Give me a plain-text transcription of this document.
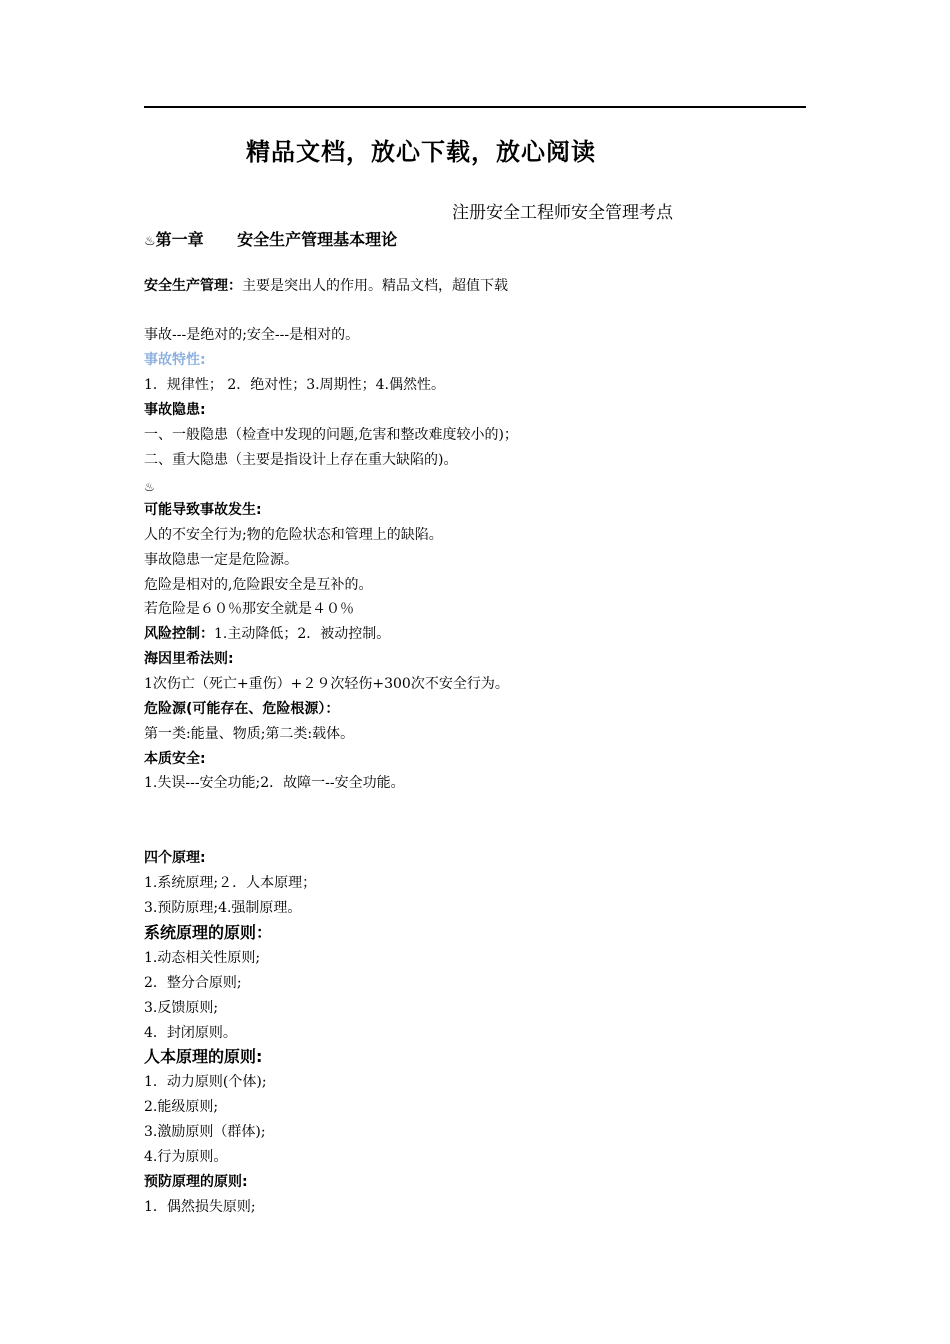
精品文档，放心下载，放心阅读
注册安全工程师安全管理考点
♨第一章 安全生产管理基本理论
安全生产管理：主要是突出人的作用。精品文档，超值下载
事故---是绝对的;安全---是相对的。
事故特性:
1．规律性； 2．绝对性；3.周期性；4.偶然性。
事故隐患:
一、一般隐患（检查中发现的问题,危害和整改难度较小的)；
二、重大隐患（主要是指设计上存在重大缺陷的)。
♨
可能导致事故发生:
人的不安全行为;物的危险状态和管理上的缺陷。
事故隐患一定是危险源。
危险是相对的,危险跟安全是互补的。
若危险是６０％那安全就是４０％
风险控制：1.主动降低；2．被动控制。
海因里希法则:
1次伤亡（死亡+重伤）+２９次轻伤+300次不安全行为。
危险源(可能存在、危险根源）：
第一类:能量、物质;第二类:载体。
本质安全:
1.失误---安全功能;2．故障一--安全功能。
四个原理:
1.系统原理;２．人本原理；
3.预防原理;4.强制原理。
系统原理的原则：
1.动态相关性原则;
2．整分合原则;
3.反馈原则;
4．封闭原则。
人本原理的原则:
1．动力原则(个体);
2.能级原则;
3.激励原则（群体);
4.行为原则。
预防原理的原则:
1．偶然损失原则;
